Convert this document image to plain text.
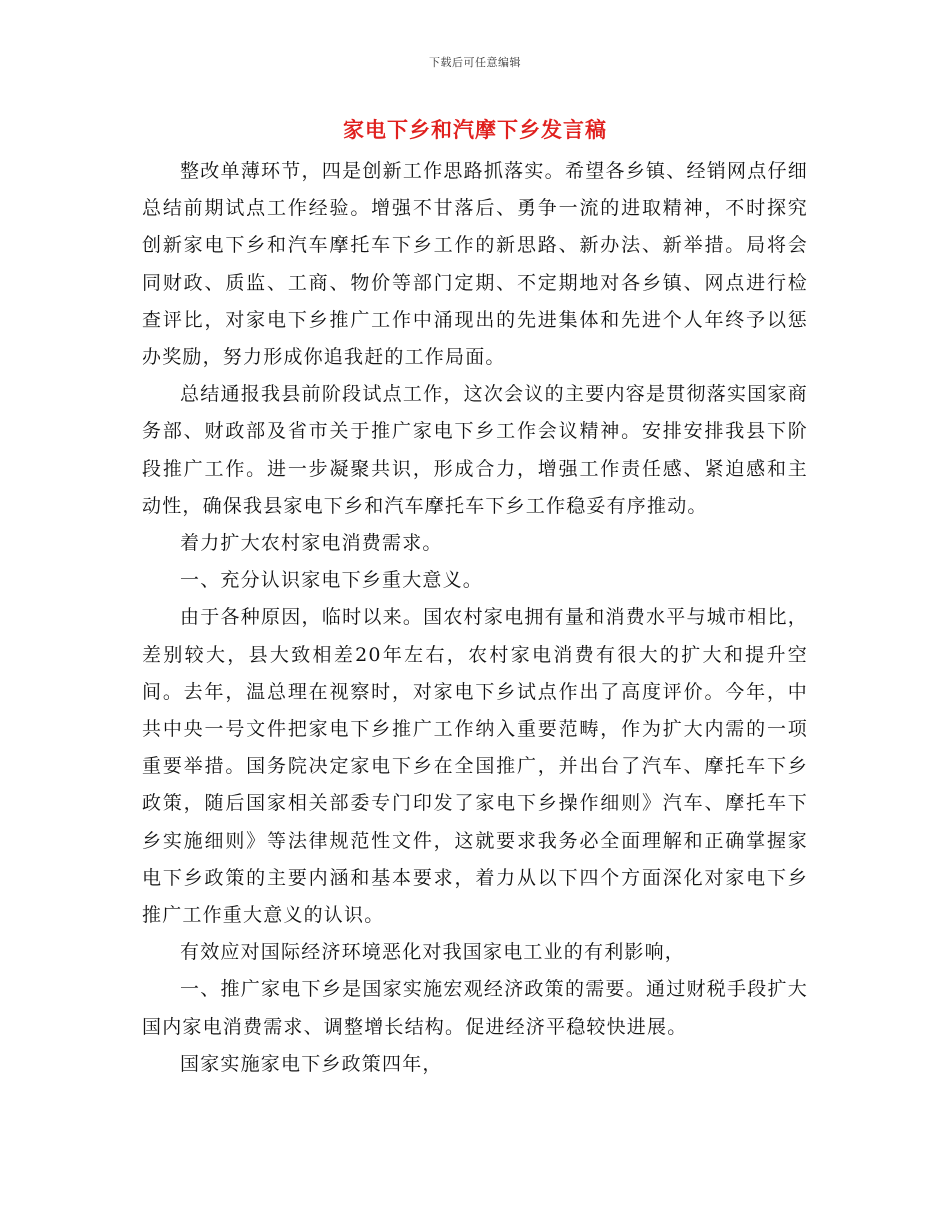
下载后可任意编辑
家电下乡和汽摩下乡发言稿

整改单薄环节，四是创新工作思路抓落实。希望各乡镇、经销网点仔细总结前期试点工作经验。增强不甘落后、勇争一流的进取精神，不时探究创新家电下乡和汽车摩托车下乡工作的新思路、新办法、新举措。局将会同财政、质监、工商、物价等部门定期、不定期地对各乡镇、网点进行检查评比，对家电下乡推广工作中涌现出的先进集体和先进个人年终予以惩办奖励，努力形成你追我赶的工作局面。

总结通报我县前阶段试点工作，这次会议的主要内容是贯彻落实国家商务部、财政部及省市关于推广家电下乡工作会议精神。安排安排我县下阶段推广工作。进一步凝聚共识，形成合力，增强工作责任感、紧迫感和主动性，确保我县家电下乡和汽车摩托车下乡工作稳妥有序推动。

着力扩大农村家电消费需求。

一、充分认识家电下乡重大意义。

由于各种原因，临时以来。国农村家电拥有量和消费水平与城市相比，差别较大，县大致相差20年左右，农村家电消费有很大的扩大和提升空间。去年，温总理在视察时，对家电下乡试点作出了高度评价。今年，中共中央一号文件把家电下乡推广工作纳入重要范畴，作为扩大内需的一项重要举措。国务院决定家电下乡在全国推广，并出台了汽车、摩托车下乡政策，随后国家相关部委专门印发了家电下乡操作细则》汽车、摩托车下乡实施细则》等法律规范性文件，这就要求我务必全面理解和正确掌握家电下乡政策的主要内涵和基本要求，着力从以下四个方面深化对家电下乡推广工作重大意义的认识。

有效应对国际经济环境恶化对我国家电工业的有利影响，

一、推广家电下乡是国家实施宏观经济政策的需要。通过财税手段扩大国内家电消费需求、调整增长结构。促进经济平稳较快进展。

国家实施家电下乡政策四年，
